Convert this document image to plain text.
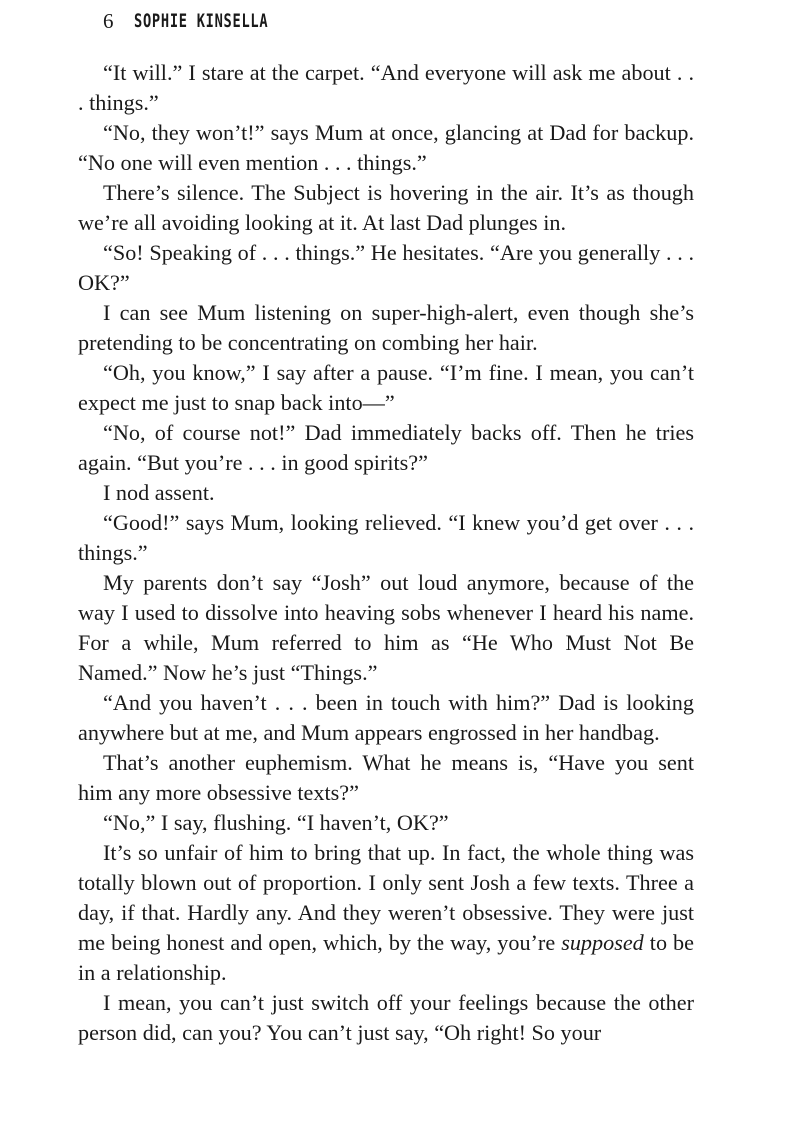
6 SOPHIE KINSELLA

“It will.” I stare at the carpet. “And everyone will ask me about . . . things.”

“No, they won’t!” says Mum at once, glancing at Dad for backup. “No one will even mention . . . things.”

There’s silence. The Subject is hovering in the air. It’s as though we’re all avoiding looking at it. At last Dad plunges in.

“So! Speaking of . . . things.” He hesitates. “Are you generally . . . OK?”

I can see Mum listening on super-high-alert, even though she’s pretending to be concentrating on combing her hair.

“Oh, you know,” I say after a pause. “I’m fine. I mean, you can’t expect me just to snap back into—”

“No, of course not!” Dad immediately backs off. Then he tries again. “But you’re . . . in good spirits?”

I nod assent.

“Good!” says Mum, looking relieved. “I knew you’d get over . . . things.”

My parents don’t say “Josh” out loud anymore, because of the way I used to dissolve into heaving sobs whenever I heard his name. For a while, Mum referred to him as “He Who Must Not Be Named.” Now he’s just “Things.”

“And you haven’t . . . been in touch with him?” Dad is looking anywhere but at me, and Mum appears engrossed in her handbag.

That’s another euphemism. What he means is, “Have you sent him any more obsessive texts?”

“No,” I say, flushing. “I haven’t, OK?”

It’s so unfair of him to bring that up. In fact, the whole thing was totally blown out of proportion. I only sent Josh a few texts. Three a day, if that. Hardly any. And they weren’t obsessive. They were just me being honest and open, which, by the way, you’re supposed to be in a relationship.

I mean, you can’t just switch off your feelings because the other person did, can you? You can’t just say, “Oh right! So your
